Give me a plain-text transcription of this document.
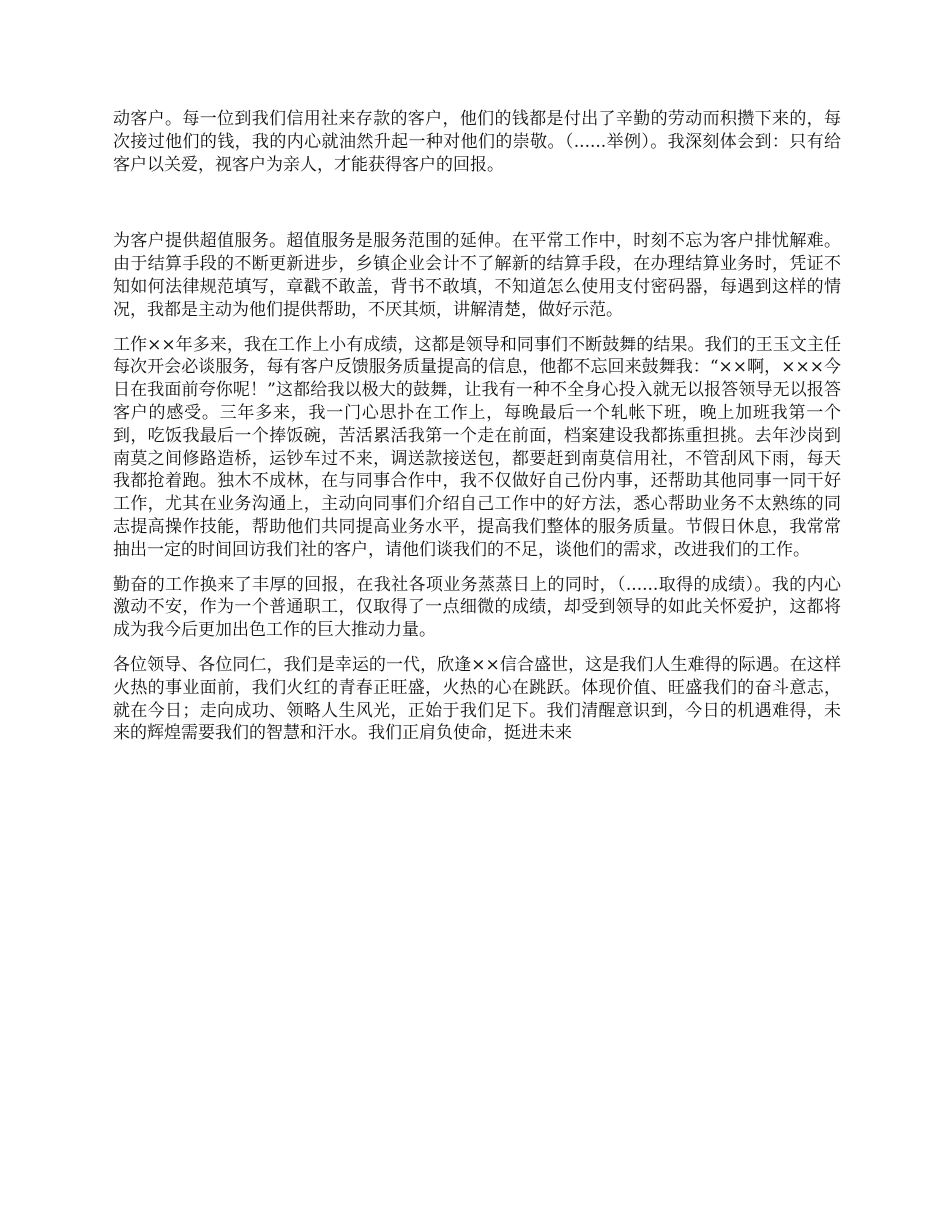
动客户。每一位到我们信用社来存款的客户，他们的钱都是付出了辛勤的劳动而积攒下来的，每次接过他们的钱，我的内心就油然升起一种对他们的崇敬。（......举例）。我深刻体会到：只有给客户以关爱，视客户为亲人，才能获得客户的回报。

为客户提供超值服务。超值服务是服务范围的延伸。在平常工作中，时刻不忘为客户排忧解难。由于结算手段的不断更新进步，乡镇企业会计不了解新的结算手段，在办理结算业务时，凭证不知如何法律规范填写，章戳不敢盖，背书不敢填，不知道怎么使用支付密码器，每遇到这样的情况，我都是主动为他们提供帮助，不厌其烦，讲解清楚，做好示范。

工作××年多来，我在工作上小有成绩，这都是领导和同事们不断鼓舞的结果。我们的王玉文主任每次开会必谈服务，每有客户反馈服务质量提高的信息，他都不忘回来鼓舞我：“××啊，×××今日在我面前夸你呢！”这都给我以极大的鼓舞，让我有一种不全身心投入就无以报答领导无以报答客户的感受。三年多来，我一门心思扑在工作上，每晚最后一个轧帐下班，晚上加班我第一个到，吃饭我最后一个捧饭碗，苦活累活我第一个走在前面，档案建设我都拣重担挑。去年沙岗到南莫之间修路造桥，运钞车过不来，调送款接送包，都要赶到南莫信用社，不管刮风下雨，每天我都抢着跑。独木不成林，在与同事合作中，我不仅做好自己份内事，还帮助其他同事一同干好工作，尤其在业务沟通上，主动向同事们介绍自己工作中的好方法，悉心帮助业务不太熟练的同志提高操作技能，帮助他们共同提高业务水平，提高我们整体的服务质量。节假日休息，我常常抽出一定的时间回访我们社的客户，请他们谈我们的不足，谈他们的需求，改进我们的工作。

勤奋的工作换来了丰厚的回报，在我社各项业务蒸蒸日上的同时，（......取得的成绩）。我的内心激动不安，作为一个普通职工，仅取得了一点细微的成绩，却受到领导的如此关怀爱护，这都将成为我今后更加出色工作的巨大推动力量。

各位领导、各位同仁，我们是幸运的一代，欣逢××信合盛世，这是我们人生难得的际遇。在这样火热的事业面前，我们火红的青春正旺盛，火热的心在跳跃。体现价值、旺盛我们的奋斗意志，就在今日；走向成功、领略人生风光，正始于我们足下。我们清醒意识到，今日的机遇难得，未来的辉煌需要我们的智慧和汗水。我们正肩负使命，挺进未来
